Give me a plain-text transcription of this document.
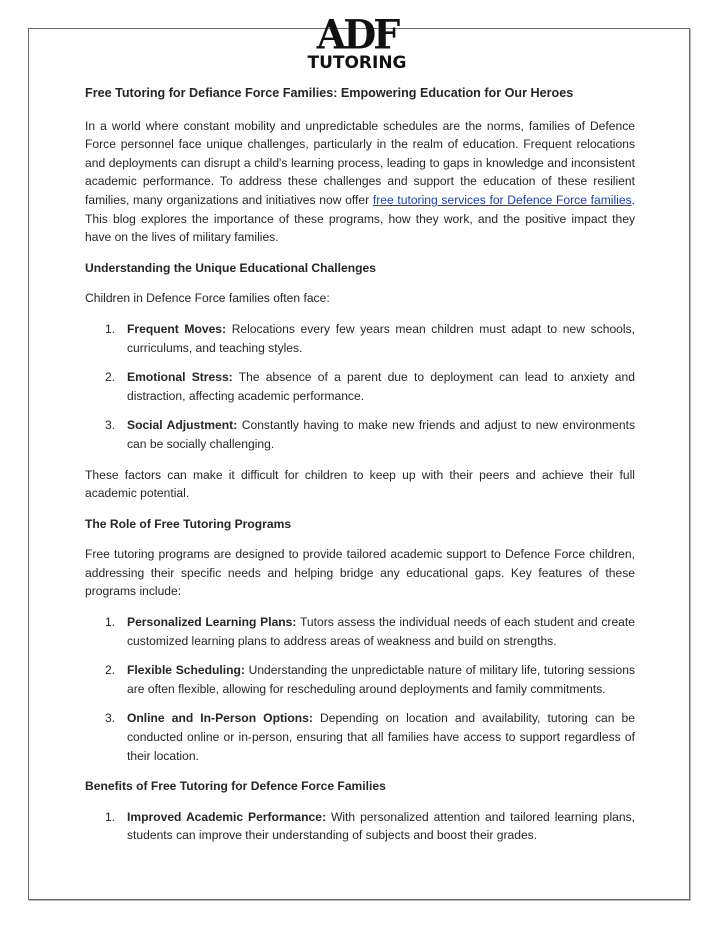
ADF
TUTORING

Free Tutoring for Defiance Force Families: Empowering Education for Our Heroes

In a world where constant mobility and unpredictable schedules are the norms, families of Defence Force personnel face unique challenges, particularly in the realm of education. Frequent relocations and deployments can disrupt a child's learning process, leading to gaps in knowledge and inconsistent academic performance. To address these challenges and support the education of these resilient families, many organizations and initiatives now offer free tutoring services for Defence Force families. This blog explores the importance of these programs, how they work, and the positive impact they have on the lives of military families.

Understanding the Unique Educational Challenges

Children in Defence Force families often face:

1. Frequent Moves: Relocations every few years mean children must adapt to new schools, curriculums, and teaching styles.
2. Emotional Stress: The absence of a parent due to deployment can lead to anxiety and distraction, affecting academic performance.
3. Social Adjustment: Constantly having to make new friends and adjust to new environments can be socially challenging.

These factors can make it difficult for children to keep up with their peers and achieve their full academic potential.

The Role of Free Tutoring Programs

Free tutoring programs are designed to provide tailored academic support to Defence Force children, addressing their specific needs and helping bridge any educational gaps. Key features of these programs include:

1. Personalized Learning Plans: Tutors assess the individual needs of each student and create customized learning plans to address areas of weakness and build on strengths.
2. Flexible Scheduling: Understanding the unpredictable nature of military life, tutoring sessions are often flexible, allowing for rescheduling around deployments and family commitments.
3. Online and In-Person Options: Depending on location and availability, tutoring can be conducted online or in-person, ensuring that all families have access to support regardless of their location.

Benefits of Free Tutoring for Defence Force Families

1. Improved Academic Performance: With personalized attention and tailored learning plans, students can improve their understanding of subjects and boost their grades.
